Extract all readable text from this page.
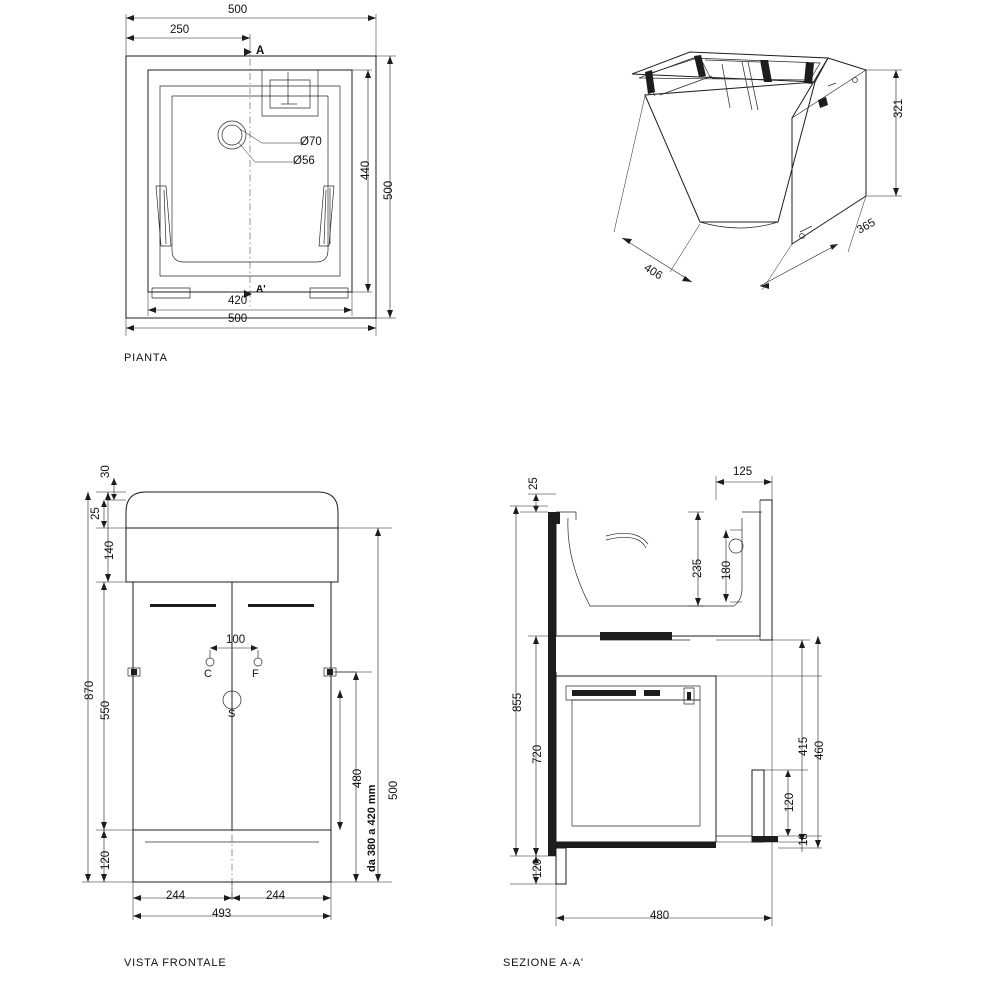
500
250
A
A'
Ø70
Ø56	440
500
420
500
PIANTA
321
365
406
30
25
140
870
550
120
100
C	F
S
480
500
da 380 a 420 mm
244	244
493
VISTA FRONTALE
25
125
235 180
720
855
120
415 460
120
18
480
SEZIONE A-A'
